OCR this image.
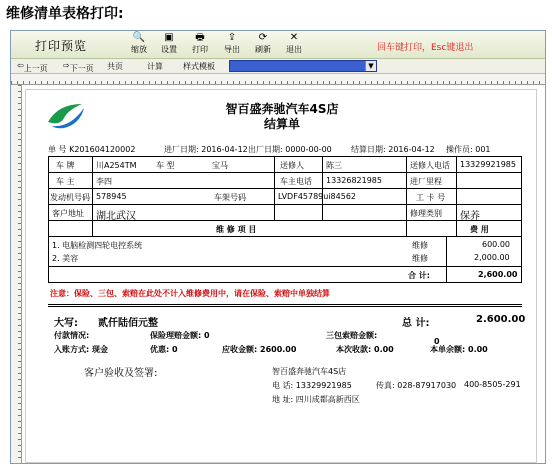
维修清单表格打印:
打印预览
🔍
缩放
▣
设置
🖶
打印
⇪
导出
⟳
刷新
✕
退出	回车键打印，Esc键退出
⇦ 上一页 ⇨ 下一页 共页	计算	样式模板	▼
智百盛奔驰汽车4S店
结算单
单 号 K201604120002	进厂日期: 2016-04-12 出厂日期: 0000-00-00 结算日期: 2016-04-12 操作员: 001
车 牌	川A254TM 车 型	宝马	送修人	陈三	送修人电话 13329921985
车 主	李四	车主电话 13326821985	进厂里程
发动机号码 578945	车架号码	LVDF45789ui84562	工 卡 号
客户地址 湖北武汉	修理类别 保养
维 修 项 目	费 用
1. 电脑检测四轮电控系统	维修	600.00
2. 美容	维修	2,000.00
合 计:	2,600.00
注意：保险、三包、索赔在此处不计入维修费用中，请在保险、索赔中单独结算
大写: 贰仟陆佰元整	总 计:	2.600.00
付款情况:	保险理赔金额: 0	三包索赔金额:
0
入账方式: 现金	优惠: 0	应收金额: 2600.00	本次收款: 0.00	本单余额: 0.00
客户验收及签署:	智百盛奔驰汽车4S店
电 话: 13329921985	传真: 028-87917030 400-8505-291
地 址: 四川成都高新西区
